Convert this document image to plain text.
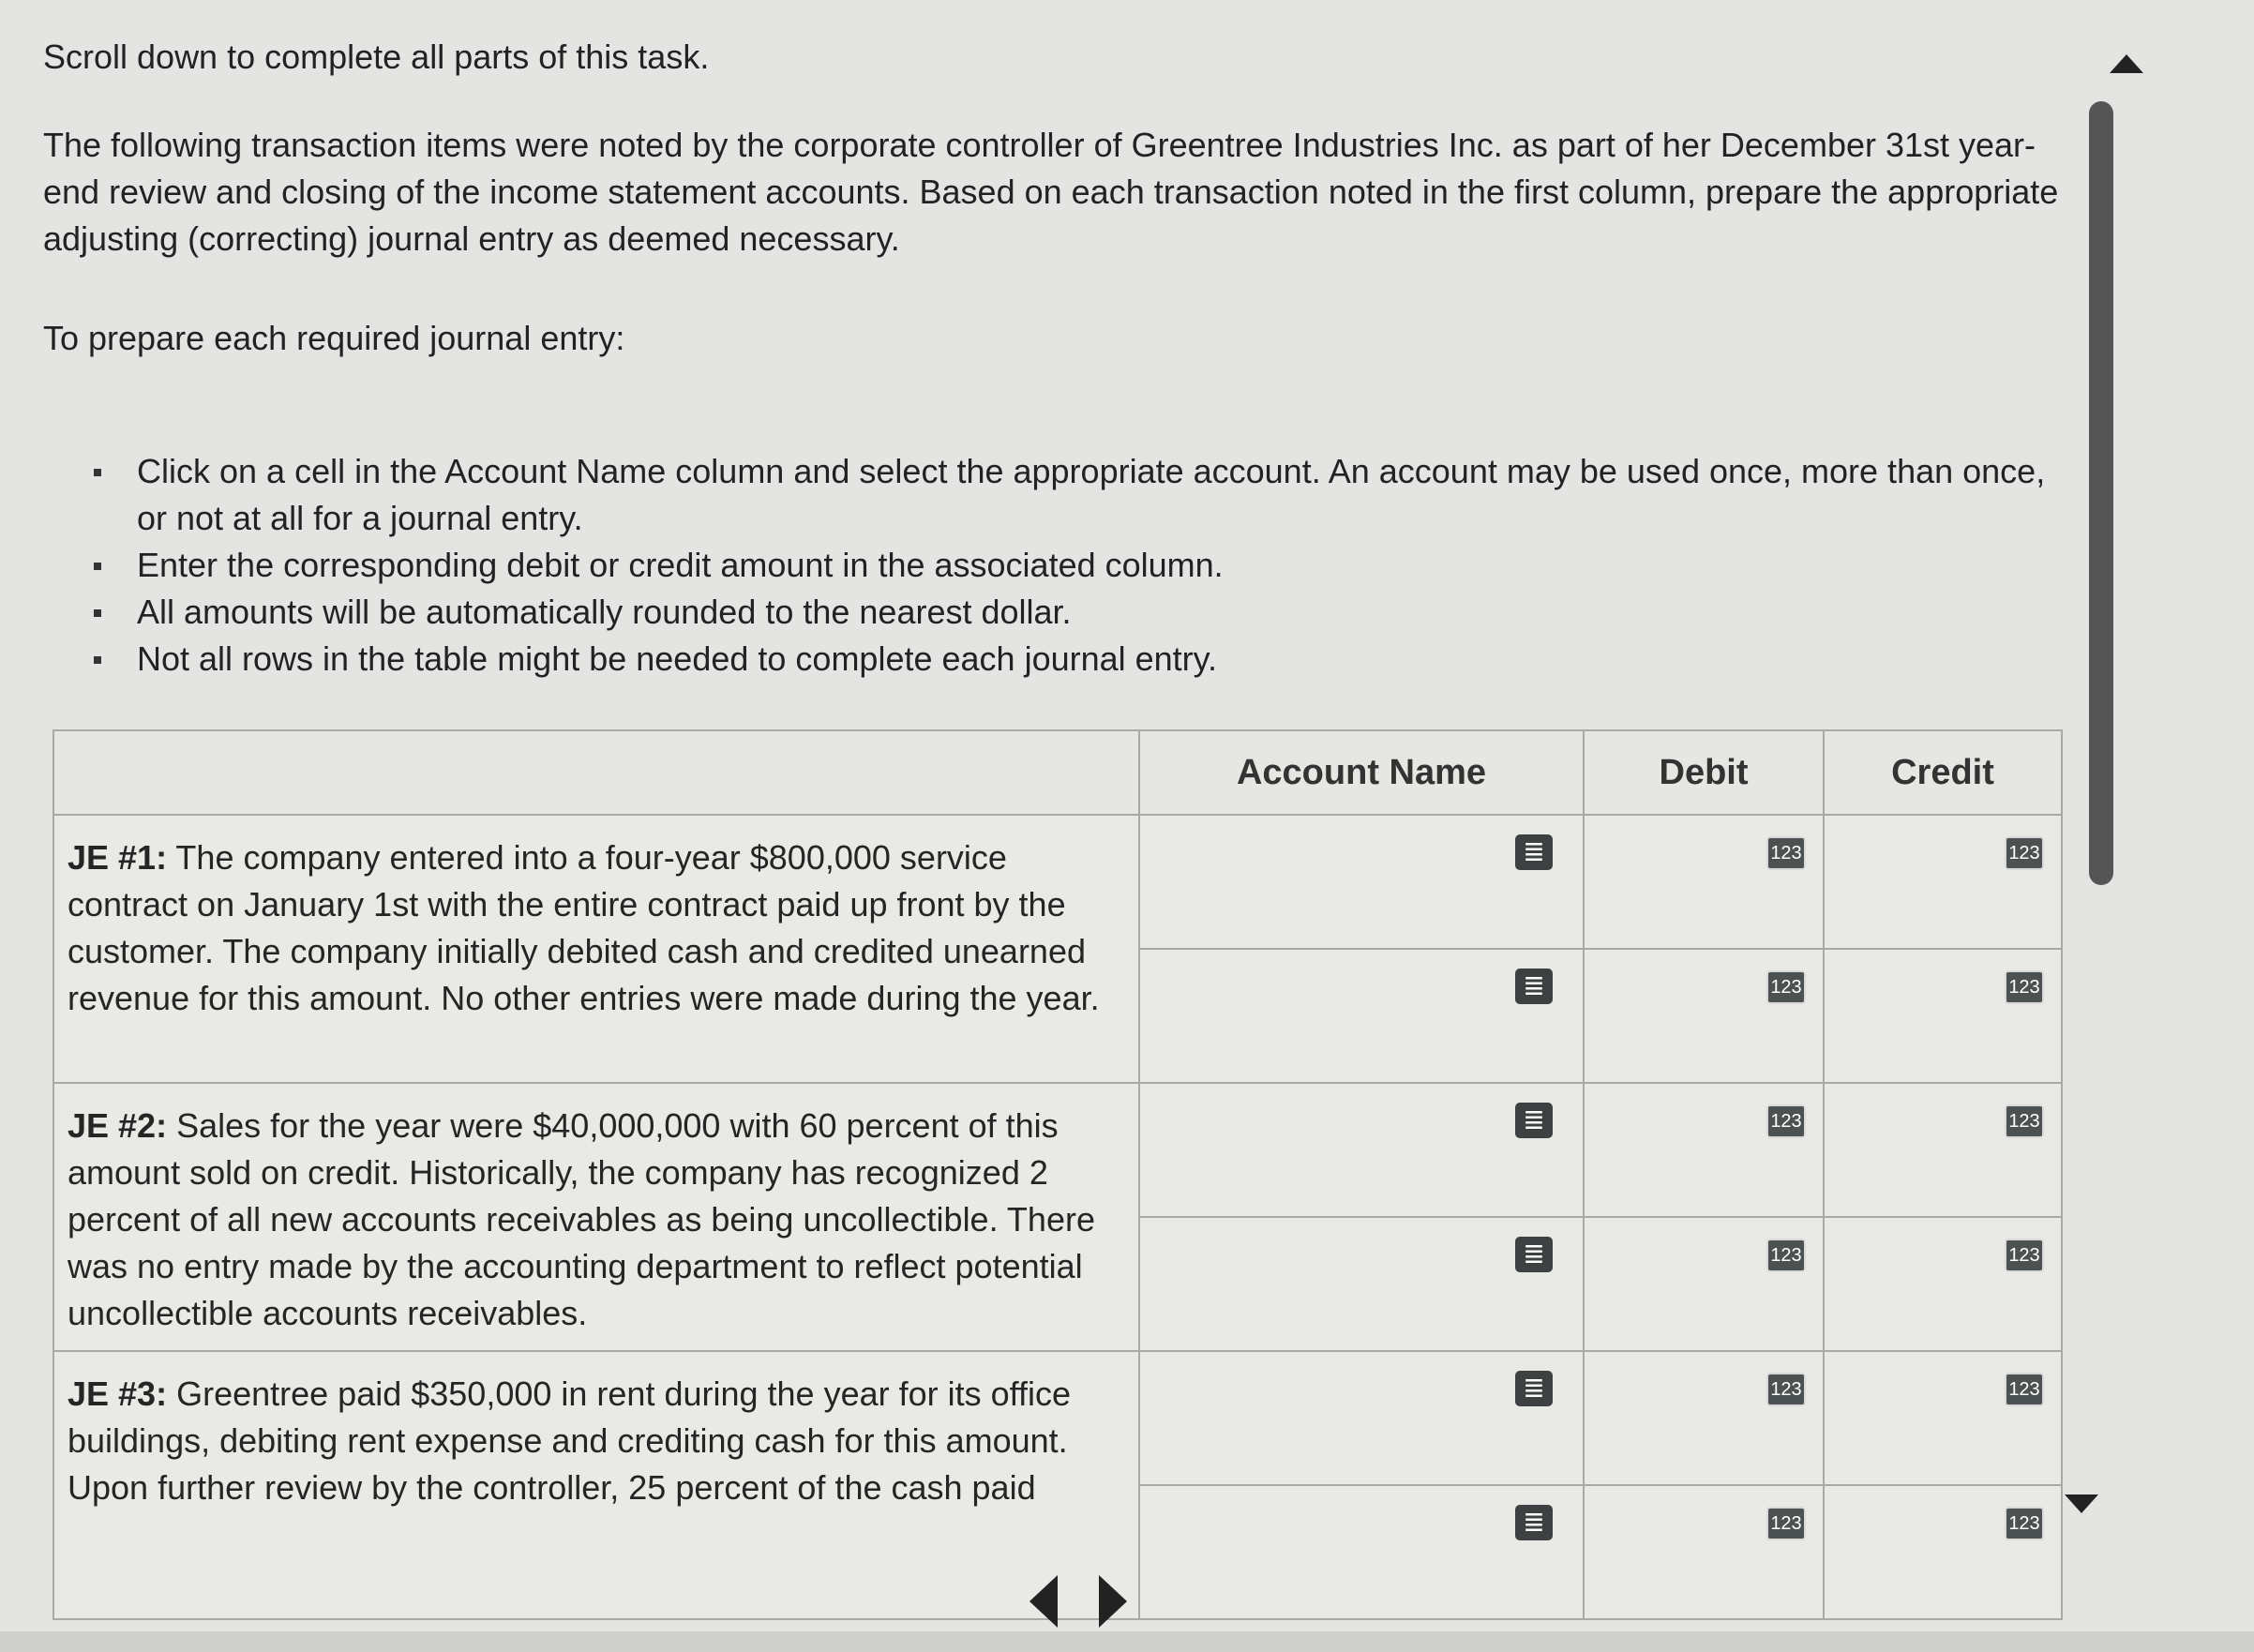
Scroll down to complete all parts of this task.
The following transaction items were noted by the corporate controller of Greentree Industries Inc. as part of her December 31st year-end review and closing of the income statement accounts. Based on each transaction noted in the first column, prepare the appropriate adjusting (correcting) journal entry as deemed necessary.
To prepare each required journal entry:
Click on a cell in the Account Name column and select the appropriate account. An account may be used once, more than once, or not at all for a journal entry.
Enter the corresponding debit or credit amount in the associated column.
All amounts will be automatically rounded to the nearest dollar.
Not all rows in the table might be needed to complete each journal entry.
	Account Name	Debit	Credit
JE #1: The company entered into a four-year $800,000 service contract on January 1st with the entire contract paid up front by the customer. The company initially debited cash and credited unearned revenue for this amount. No other entries were made during the year.	≣	123	123

	≣	123	123

JE #2: Sales for the year were $40,000,000 with 60 percent of this amount sold on credit. Historically, the company has recognized 2 percent of all new accounts receivables as being uncollectible. There was no entry made by the accounting department to reflect potential uncollectible accounts receivables.	≣	123	123

	≣	123	123

JE #3: Greentree paid $350,000 in rent during the year for its office buildings, debiting rent expense and crediting cash for this amount. Upon further review by the controller, 25 percent of the cash paid	≣	123	123

	≣	123	123
